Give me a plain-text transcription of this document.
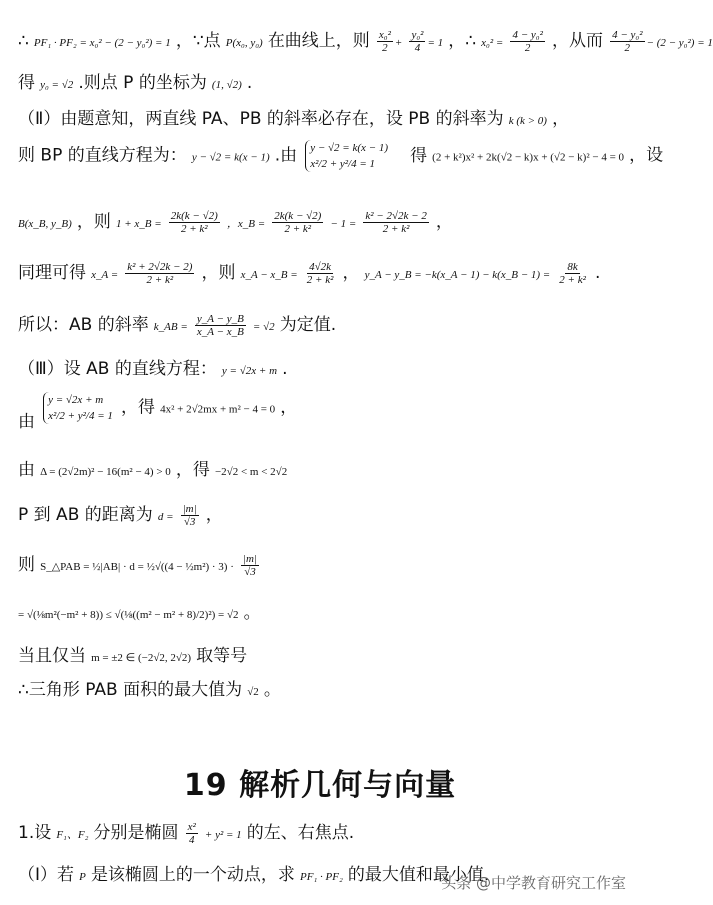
∴ PF₁ · PF₂ = x₀² − (2 − y₀²) = 1 ，∵点 P(x₀, y₀) 在曲线上，则 $\frac{\text{x₀²}}{2} + \frac{\text{y₀²}}{4} = 1$ ，∴ $x_0^2 = \frac{\text{4 − y₀²}}{2}$ ，从而 $\frac{\text{4 − y₀²}}{2} - (2 - y_0^2) = 1$
得 y₀ = √2 .则点 P 的坐标为 (1, √2) .
（Ⅱ）由题意知，两直线 PA、PB 的斜率必存在，设 PB 的斜率为 k (k > 0) ，
则 BP 的直线方程为： y − √2 = k(x − 1) .由 y − √2 = k(x − 1)
x²/2 + y²/4 = 1	得 (2 + k²)x² + 2k(√2 − k)x + (√2 − k)² − 4 = 0 ，设
B(x_B, y_B) ，则 1 + x_B = $\frac{2k(k - √2)}{\text{2 + k²}}$ ，x_B = $\frac{2k(k - √2)}{\text{2 + k²}} - 1 = \frac{\text{k² − 2√2k − 2}}{\text{2 + k²}}$ ，
同理可得 x_A = $\frac{\text{k² + 2√2k − 2)}}{\text{2 + k²}}$ ，则 x_A − x_B = $\frac{4√2k}{\text{2 + k²}}$ ， y_A − y_B = −k(x_A − 1) − k(x_B − $1) = \frac{8k}{\text{2 + k²}}$ .
所以：AB 的斜率 k_AB = $\frac{y\_A - y\_B}{x\_A - x\_B} = √2$ 为定值.
（Ⅲ）设 AB 的直线方程： y = √2x + m .
由
y = √2x + m
x²/2 + y²/4 = 1 ，得 4x² + 2√2mx + m² − 4 = 0 ，
由 Δ = (2√2m)² − 16(m² − 4) > 0 ，得 −2√2 < m < 2√2
P 到 AB 的距离为 $d = \frac{|m|}{√3}$ ，
则 S_△PAB = ½|AB| · d = ½√((4 − ½m²) · $3) \cdot \frac{|m|}{√3}$
= √(⅛m²(−m² + 8)) ≤ √(⅛((m² − m² + 8)/2)²) = √2 。
当且仅当 m = ±2 ∈ (−2√2, 2√2) 取等号
∴三角形 PAB 面积的最大值为 √2 。
19 解析几何与向量
1.设 F₁、F₂ 分别是椭圆 $\frac{\text{x²}}{4} + y^2 = 1$ 的左、右焦点.
（Ⅰ）若 P 是该椭圆上的一个动点，求 PF₁ · PF₂ 的最大值和最小值.
头条 @中学教育研究工作室
